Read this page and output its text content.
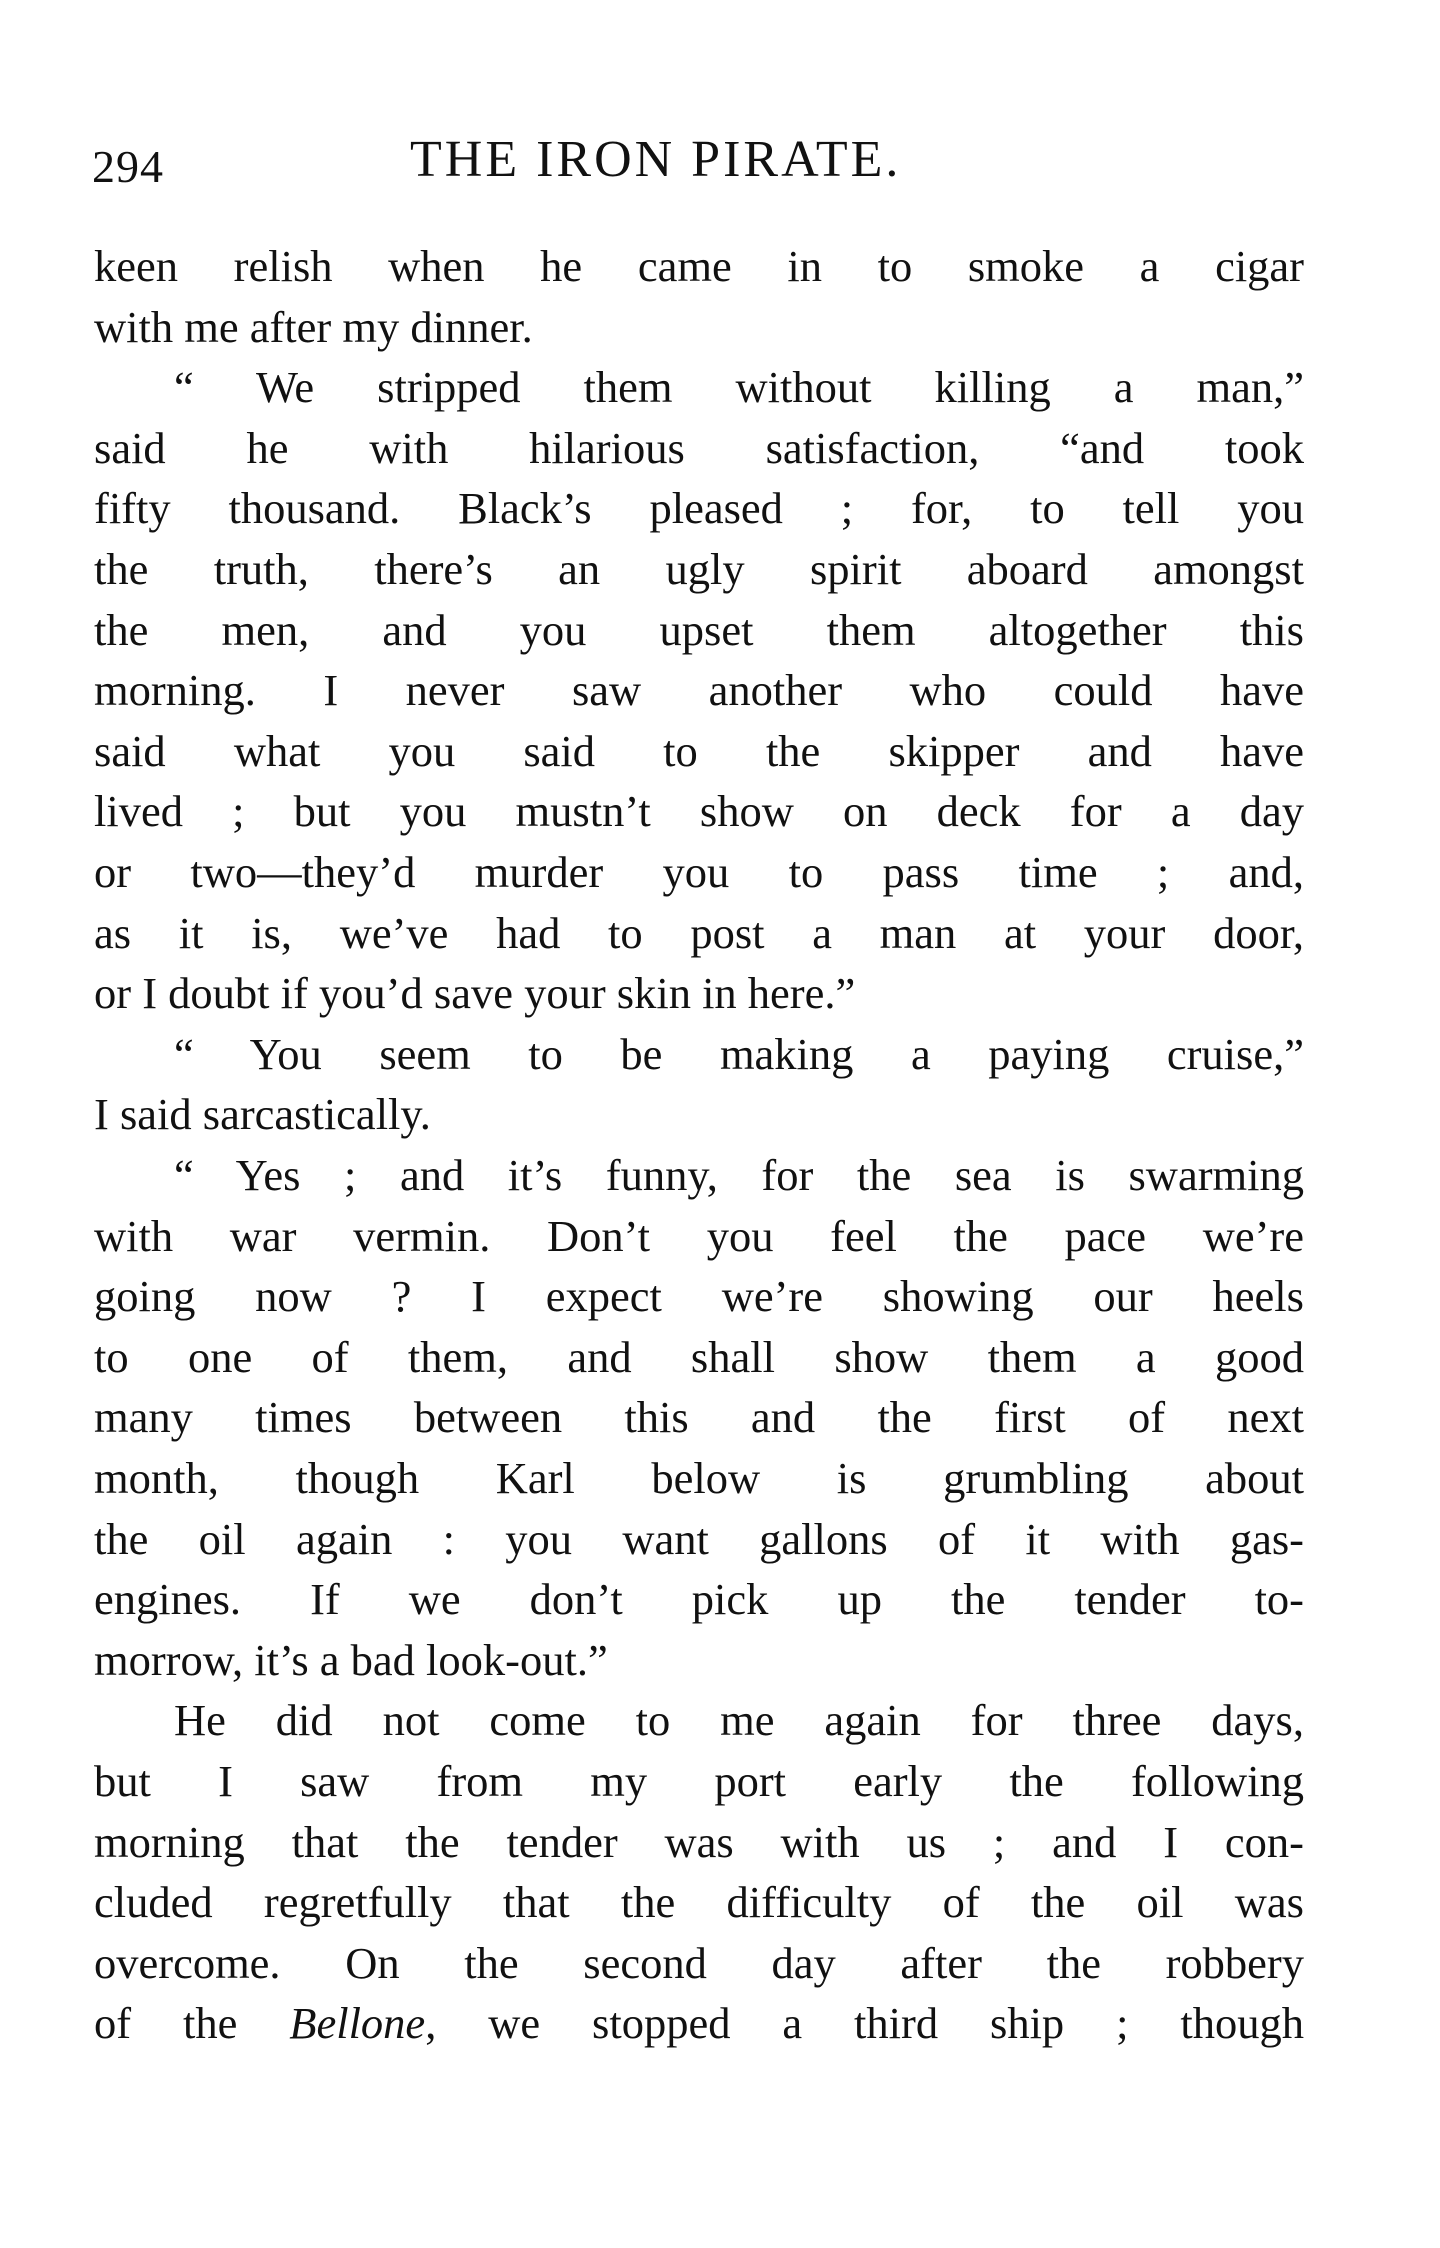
294	THE IRON PIRATE.
keen relish when he came in to smoke a cigar
with me after my dinner.
“ We stripped them without killing a man,”
said he with hilarious satisfaction, “and took
fifty thousand. Black’s pleased ; for, to tell you
the truth, there’s an ugly spirit aboard amongst
the men, and you upset them altogether this
morning. I never saw another who could have
said what you said to the skipper and have
lived ; but you mustn’t show on deck for a day
or two—they’d murder you to pass time ; and,
as it is, we’ve had to post a man at your door,
or I doubt if you’d save your skin in here.”
“ You seem to be making a paying cruise,”
I said sarcastically.
“ Yes ; and it’s funny, for the sea is swarming
with war vermin. Don’t you feel the pace we’re
going now ? I expect we’re showing our heels
to one of them, and shall show them a good
many times between this and the first of next
month, though Karl below is grumbling about
the oil again : you want gallons of it with gas-
engines. If we don’t pick up the tender to-
morrow, it’s a bad look-out.”
He did not come to me again for three days,
but I saw from my port early the following
morning that the tender was with us ; and I con-
cluded regretfully that the difficulty of the oil was
overcome. On the second day after the robbery
of the Bellone, we stopped a third ship ; though
